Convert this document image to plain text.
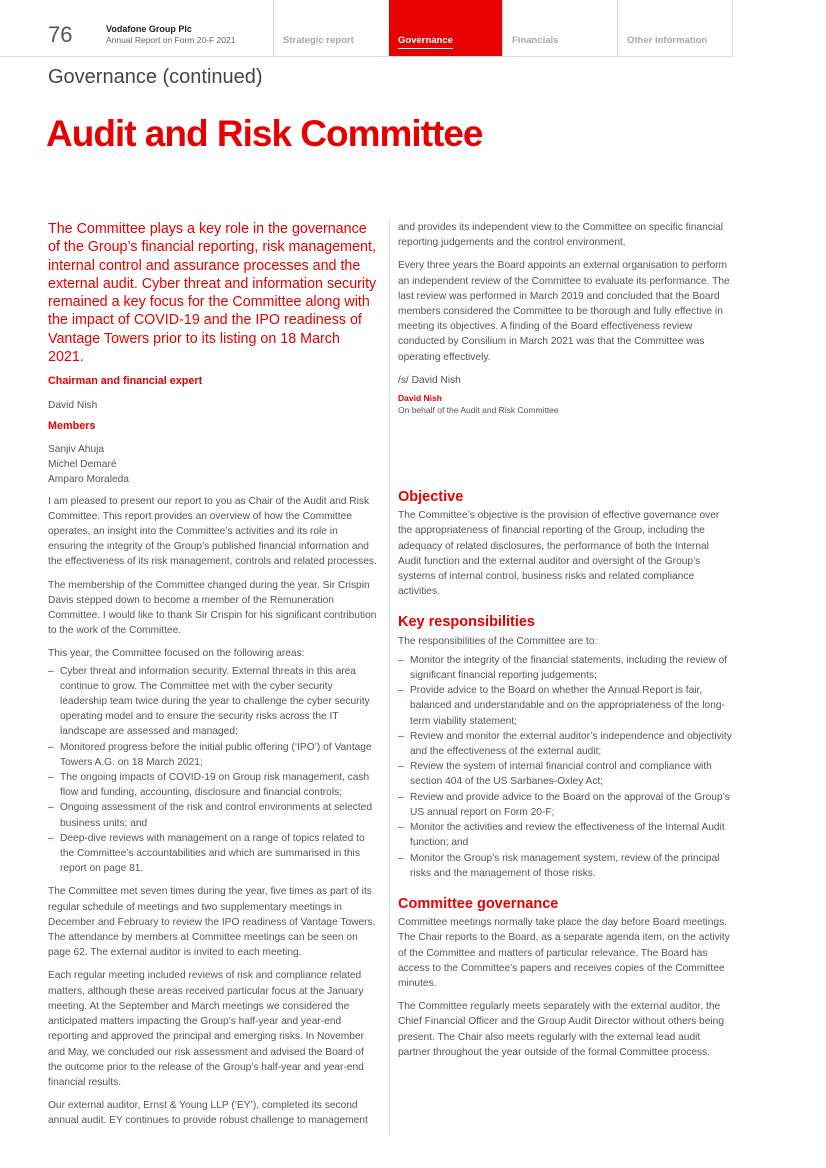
76	Vodafone Group Plc
Annual Report on Form 20-F 2021	Strategic report	Governance	Financials	Other information
Governance (continued)
Audit and Risk Committee

The Committee plays a key role in the governance of the Group’s financial reporting, risk management, internal control and assurance processes and the external audit. Cyber threat and information security remained a key focus for the Committee along with the impact of COVID-19 and the IPO readiness of Vantage Towers prior to its listing on 18 March 2021.

Chairman and financial expert

David Nish

Members

Sanjiv Ahuja
Michel Demaré
Amparo Moraleda

I am pleased to present our report to you as Chair of the Audit and Risk Committee. This report provides an overview of how the Committee operates, an insight into the Committee’s activities and its role in ensuring the integrity of the Group’s published financial information and the effectiveness of its risk management, controls and related processes.

The membership of the Committee changed during the year. Sir Crispin Davis stepped down to become a member of the Remuneration Committee. I would like to thank Sir Crispin for his significant contribution to the work of the Committee.

This year, the Committee focused on the following areas:

– Cyber threat and information security. External threats in this area continue to grow. The Committee met with the cyber security leadership team twice during the year to challenge the cyber security operating model and to ensure the security risks across the IT landscape are assessed and managed;
– Monitored progress before the initial public offering (‘IPO’) of Vantage Towers A.G. on 18 March 2021;
– The ongoing impacts of COVID-19 on Group risk management, cash flow and funding, accounting, disclosure and financial controls;
– Ongoing assessment of the risk and control environments at selected business units; and
– Deep-dive reviews with management on a range of topics related to the Committee’s accountabilities and which are summarised in this report on page 81.

The Committee met seven times during the year, five times as part of its regular schedule of meetings and two supplementary meetings in December and February to review the IPO readiness of Vantage Towers. The attendance by members at Committee meetings can be seen on page 62. The external auditor is invited to each meeting.

Each regular meeting included reviews of risk and compliance related matters, although these areas received particular focus at the January meeting. At the September and March meetings we considered the anticipated matters impacting the Group’s half-year and year-end reporting and approved the principal and emerging risks. In November and May, we concluded our risk assessment and advised the Board of the outcome prior to the release of the Group’s half-year and year-end financial results.

Our external auditor, Ernst & Young LLP (‘EY’), completed its second annual audit. EY continues to provide robust challenge to management

and provides its independent view to the Committee on specific financial reporting judgements and the control environment.

Every three years the Board appoints an external organisation to perform an independent review of the Committee to evaluate its performance. The last review was performed in March 2019 and concluded that the Board members considered the Committee to be thorough and fully effective in meeting its objectives. A finding of the Board effectiveness review conducted by Consilium in March 2021 was that the Committee was operating effectively.

/s/ David Nish

David Nish
On behalf of the Audit and Risk Committee
Objective

The Committee’s objective is the provision of effective governance over the appropriateness of financial reporting of the Group, including the adequacy of related disclosures, the performance of both the Internal Audit function and the external auditor and oversight of the Group’s systems of internal control, business risks and related compliance activities.

Key responsibilities

The responsibilities of the Committee are to:

– Monitor the integrity of the financial statements, including the review of significant financial reporting judgements;
– Provide advice to the Board on whether the Annual Report is fair, balanced and understandable and on the appropriateness of the long-term viability statement;
– Review and monitor the external auditor’s independence and objectivity and the effectiveness of the external audit;
– Review the system of internal financial control and compliance with section 404 of the US Sarbanes-Oxley Act;
– Review and provide advice to the Board on the approval of the Group’s US annual report on Form 20-F;
– Monitor the activities and review the effectiveness of the Internal Audit function; and
– Monitor the Group’s risk management system, review of the principal risks and the management of those risks.
Committee governance

Committee meetings normally take place the day before Board meetings. The Chair reports to the Board, as a separate agenda item, on the activity of the Committee and matters of particular relevance. The Board has access to the Committee’s papers and receives copies of the Committee minutes.

The Committee regularly meets separately with the external auditor, the Chief Financial Officer and the Group Audit Director without others being present. The Chair also meets regularly with the external lead audit partner throughout the year outside of the formal Committee process.
